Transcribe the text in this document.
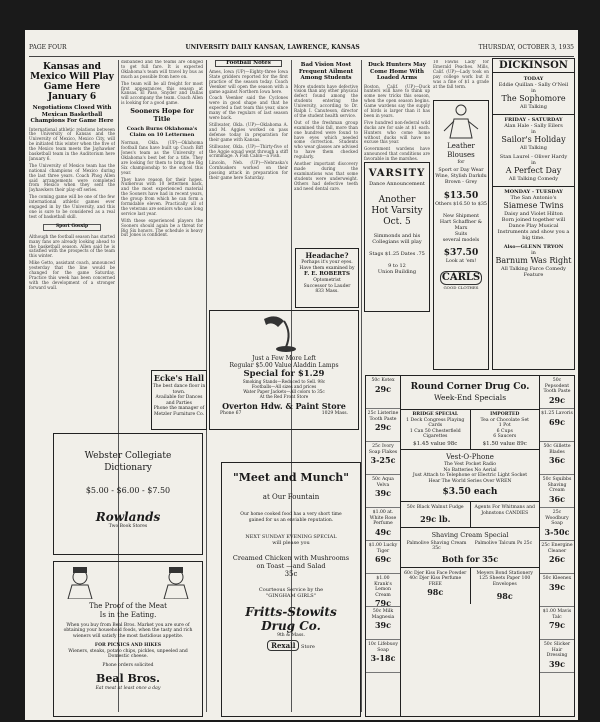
PAGE FOUR	UNIVERSITY DAILY KANSAN, LAWRENCE, KANSAS	THURSDAY, OCTOBER 3, 1935
Kansas and Mexico Will Play Game Here January 6
Negotiations Closed With Mexican Basketball Champions For Game Here

International athletic relations between the University of Kansas and the University of Mexico, Mexico City, will be initiated this winter when the five of the Mexico team meets the Jayhawker basketball team in the Auditorium here January 6.

The University of Mexico team has the national champions of Mexico during the last three years. Coach Phog Allen said arrangements were completed from Mexico when they sent the Jayhawkers their play-off series.

The coming game will be one of the few international athletic games ever engaged in by the University, and this one is sure to be considered as a real test of basketball skill.

Sport Gossip

Although the football season has started many fans are already looking ahead to the basketball season. Allen said he is satisfied with the prospects of the team this winter.

Mike Getto, assistant coach, announced yesterday that the line would be changed for the game Saturday. Practice this week has been concerned with the development of a stronger forward wall.

disbanded and the teams are obliged to get full fare. It is expected Oklahoma's team will travel by bus as much as possible from here on.

The team will be all freight for most first appearances this season at Kansas. El Paso, Snyder and Dallas will accompany the team. Coach Allen is looking for a good game.

Sooners Hope for Title
Coach Burns Oklahoma's Claim on 10 Lettermen

Norman, Okla. (UP)—Oklahoma football fans have built up Coach Biff Jones's team as the University of Oklahoma's best bet for a title. They are looking for them to bring the Big Six championship to the school this year.

They have reason for their hopes. Numerous with 10 lettermen back, and the most experienced material the Sooners have had in recent years, the group from which he can form a formidable eleven. Practically all of the veterans are seniors who saw long service last year.

With these experienced players the Sooners should again be a threat for Big Six honors. The schedule is heavy but Jones is confident.

Football Notes

Ames, Iowa (UP)—Eighty-three Iowa State gridders reported for the first practice of the season today. Coach Veenker will open the season with a game against Northern Iowa here.

Coach Veenker said the Cyclones were in good shape and that he expected a fast team this year, since many of the regulars of last season were back.

Stillwater, Okla. (UP)—Oklahoma A. and M. Aggies worked on pass defense today in preparation for their game with Kansas.

Stillwater, Okla. (UP)—Thirty-five of the Aggie squad went through a stiff scrimmage. A Fish Cabin—a Fish.

Lincoln, Neb. (UP)—Nebraska's Cornhuskers worked on their passing attack in preparation for their game here Saturday.

Bad Vision Most Frequent Ailment Among Students

More students have defective vision than any other physical defect found among the students entering the University, according to Dr. Ralph I. Canuteson, director of the student health service.

Out of the freshman group examined this fall, more than one hundred were found to have eyes which needed some correction. Students who wear glasses are advised to have them checked regularly.

Another important discovery made during the examinations was that some students were underweight. Others had defective teeth and need dental care.

Duck Hunters May Come Home With Loaded Arms

Boston, Calif. (UP)—Duck hunters will have to think up some new tricks this season, when the open season begins. Game wardens say the supply of birds is larger than it has been in years.

Five hundred non-federal wild ducks are for sale at $1 each. Hunters who come home without ducks will have no excuse this year.

Government wardens have announced that conditions are favorable in the marshes.

10 Fawns Lady' for Emerald Peaches. Mills, Calif. (UP)—Lady took on pay college work but it was a fine of $1 a grade at the fall term.

DICKINSON
TODAY
Eddie Quillan - Sally O'Neil
in
The Sophomore
All Talking
FRIDAY - SATURDAY
Alan Hale - Sally Eilers
in
Sailor's Holiday
All Talking
Stan Laurel - Oliver Hardy
in
A Perfect Day
All Talking Comedy
MONDAY - TUESDAY
The San Antonio's
Siamese Twins
Daisy and Violet Hilton
Born joined together will Dance Play Musical Instruments and show you a big time.
Also—GLENN TRYON
in
Barnum Was Right
All Talking Farce Comedy Feature
VARSITY
Dance Announcement
Another
Hot Varsity
Oct. 5
Simmonds and his Collegians will play
Stags $1.25 Dates .75
9 to 12
Union Building
Headache?
Perhaps it's your eyes. Have them examined by
F. E. ROBERTS
Optometrist
Successor to Lauder
833 Mass.
Leather Blouses
for
Sport or Day Wear
Wine, Stylish Darkdu Brown - Grey
$13.50
Others $16.50 to $35
New Shipment
Hart Schaffner & Marx
Suits
several models
$37.50
Look at 'em!
CARLS
GOOD CLOTHES
Just a Few More Left
Regular $5.00 Value Aladdin Lamps
Special for $1.29
Smoking Stands—Reduced to Sell. 98c
Footballs—All sizes and prices
Water Paper Jackets—All colors to 35c
At the Red Front Store
Overton Hdw. & Paint Store
Phone 67	1029 Mass.
Ecke's Hall
The best dance floor in town.
Available for Dances and Parties
Phone the manager of
Metzler Furniture Co.
Webster Collegiate
Dictionary
$5.00 - $6.00 - $7.50
Rowlands
Two Book Stores
"Meet and Munch"
at Our Fountain
Our home cooked food has a very short time gained for us an enviable reputation.
NEXT SUNDAY EVENING SPECIAL
will please you
Creamed Chicken with Mushrooms
on Toast —and Salad
35c
Courteous Service by the
"GINGHAM GIRLS"
Fritts-Stowits
Drug Co.
9th & Mass.
Rexall Store
The Proof of the Meat
Is in the Eating.
When you buy from Beal Bros. Market you are sure of obtaining your household foods, when the tasty and rich wieners will satisfy the most fastidious appetite.
FOR PICNICS AND HIKES
Wieners, steaks, potato chips, pickles, unpeeled and Domestic cheese.
Phone orders solicited
Beal Bros.
Eat meat at least once a day
50c Kotex
29c
25c Listerine Tooth Paste
29c
25c Ivory Soap Flakes
3-25c
50c Aqua Velva
39c
$1.00 at. White Rose Perfume
49c
$1.00 Lucky Tiger
69c
$1.00 Krank's Lemon Cream
79c
50c Milk Magnesia
39c
10c Lifebuoy Soap
3-18c
50c Pepsodent Tooth Paste
29c
$1.25 Lavoris
69c
50c Gillette Blades
36c
50c Squibbs Shaving Cream
36c
25c Woodbury Soap
3-50c
25c Energine Cleaner
26c
50c Kleenex
39c
$1.00 Mavis Talc
79c
50c Slicker Hair Dressing
39c
Round Corner Drug Co.
Week-End Specials
BRIDGE SPECIAL
1 Deck Congress Playing Cards
1 Can 50 Chesterfield Cigarettes
$1.45 value 98c
IMPORTED
Tea or Chocolate Set
1 Pot
6 Cups
6 Saucers
$1.50 value 89c
Vest-O-Phone
The Vest Pocket Radio
No Batteries No Aerial
Just Attach to Telephone or Electric Light Socket
Hear The World Series Over WREN
$3.50 each
50c Black Walnut Fudge
29c lb.
Agents For Whitmans and Johnstons CANDIES
Shaving Cream Special
Palmolive Shaving Cream 35c
Palmolive Talcum Ps 25c
Both for 35c
60c Djer Kiss Face Powder
40c Djer Kiss Perfume
FREE
98c
Meyers Bond Stationery
125 Sheets Paper 100 Envelopes
98c
